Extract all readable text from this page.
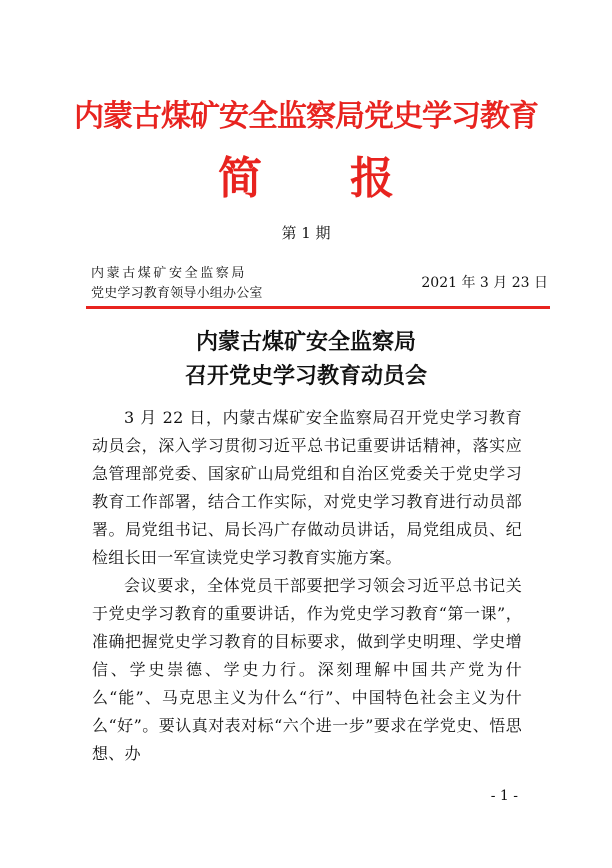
内蒙古煤矿安全监察局党史学习教育
简报
第 1 期
内蒙古煤矿安全监察局
党史学习教育领导小组办公室
2021 年 3 月 23 日
内蒙古煤矿安全监察局
召开党史学习教育动员会

3 月 22 日，内蒙古煤矿安全监察局召开党史学习教育动员会，深入学习贯彻习近平总书记重要讲话精神，落实应急管理部党委、国家矿山局党组和自治区党委关于党史学习教育工作部署，结合工作实际，对党史学习教育进行动员部署。局党组书记、局长冯广存做动员讲话，局党组成员、纪检组长田一军宣读党史学习教育实施方案。

会议要求，全体党员干部要把学习领会习近平总书记关于党史学习教育的重要讲话，作为党史学习教育“第一课”，准确把握党史学习教育的目标要求，做到学史明理、学史增信、学史崇德、学史力行。深刻理解中国共产党为什么“能”、马克思主义为什么“行”、中国特色社会主义为什么“好”。要认真对表对标“六个进一步”要求在学党史、悟思想、办

- 1 -
